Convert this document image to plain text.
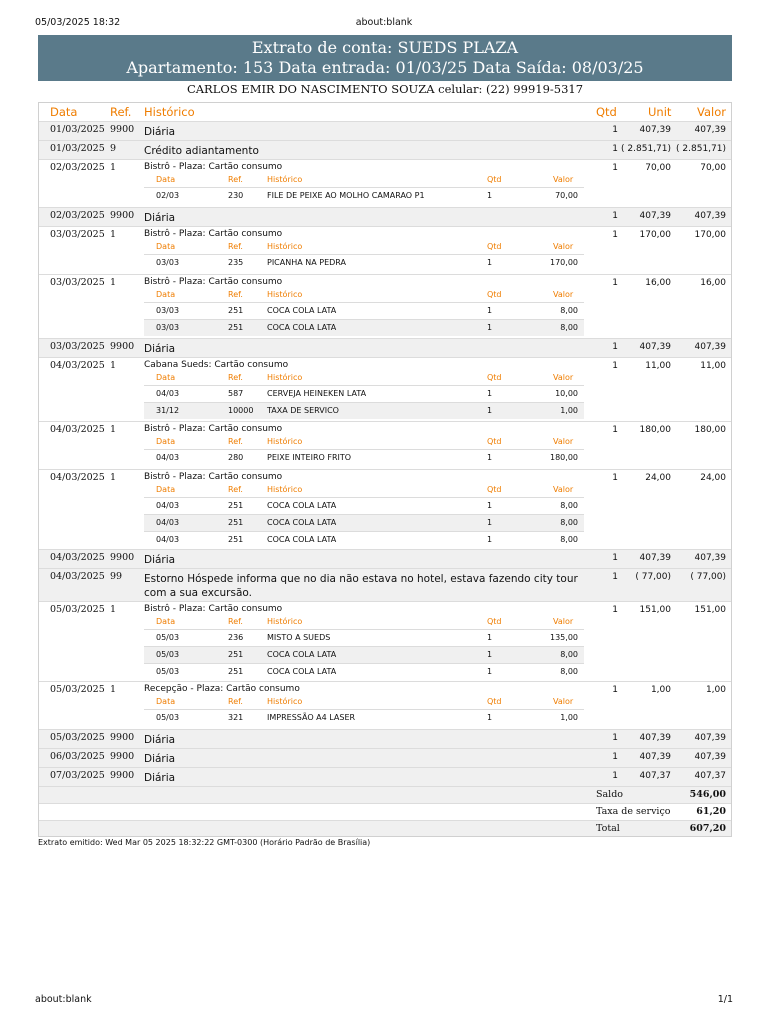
05/03/2025 18:32	about:blank
Extrato de conta: SUEDS PLAZA
Apartamento: 153 Data entrada: 01/03/25 Data Saída: 08/03/25
CARLOS EMIR DO NASCIMENTO SOUZA celular: (22) 99919-5317
Data	Ref. Histórico	Qtd	Unit Valor
01/03/2025 9900 Diária	1	407,39	407,39
01/03/2025 9	Crédito adiantamento	1 ( 2.851,71) ( 2.851,71)
02/03/2025 1	Bistrô - Plaza: Cartão consumo	1	70,00	70,00
Data	Ref.	Histórico	Qtd	Valor
02/03	230	FILE DE PEIXE AO MOLHO CAMARAO P1	1	70,00
02/03/2025 9900 Diária	1	407,39	407,39
03/03/2025 1	Bistrô - Plaza: Cartão consumo	1	170,00	170,00
Data	Ref.	Histórico	Qtd	Valor
03/03	235	PICANHA NA PEDRA	1	170,00
03/03/2025 1	Bistrô - Plaza: Cartão consumo	1	16,00	16,00
Data	Ref.	Histórico	Qtd	Valor
03/03	251	COCA COLA LATA	1	8,00
03/03	251	COCA COLA LATA	1	8,00
03/03/2025 9900 Diária	1	407,39	407,39
04/03/2025 1	Cabana Sueds: Cartão consumo	1	11,00	11,00
Data	Ref.	Histórico	Qtd	Valor
04/03	587	CERVEJA HEINEKEN LATA	1	10,00
31/12	10000 TAXA DE SERVICO	1	1,00
04/03/2025 1	Bistrô - Plaza: Cartão consumo	1	180,00	180,00
Data	Ref.	Histórico	Qtd	Valor
04/03	280	PEIXE INTEIRO FRITO	1	180,00
04/03/2025 1	Bistrô - Plaza: Cartão consumo	1	24,00	24,00
Data	Ref.	Histórico	Qtd	Valor
04/03	251	COCA COLA LATA	1	8,00
04/03	251	COCA COLA LATA	1	8,00
04/03	251	COCA COLA LATA	1	8,00
04/03/2025 9900 Diária	1	407,39	407,39
04/03/2025 99 Estorno Hóspede informa que no dia não estava no hotel, estava fazendo city tour com a sua excursão.
1	( 77,00)	( 77,00)
05/03/2025 1	Bistrô - Plaza: Cartão consumo	1	151,00	151,00
Data	Ref.	Histórico	Qtd	Valor
05/03	236	MISTO A SUEDS	1	135,00
05/03	251	COCA COLA LATA	1	8,00
05/03	251	COCA COLA LATA	1	8,00
05/03/2025 1	Recepção - Plaza: Cartão consumo	1	1,00	1,00
Data	Ref.	Histórico	Qtd	Valor
05/03	321	IMPRESSÃO A4 LASER	1	1,00
05/03/2025 9900 Diária	1	407,39	407,39
06/03/2025 9900 Diária	1	407,39	407,39
07/03/2025 9900 Diária	1	407,37	407,37
Saldo	546,00
Taxa de serviço	61,20
Total	607,20
Extrato emitido: Wed Mar 05 2025 18:32:22 GMT-0300 (Horário Padrão de Brasília)
about:blank	1/1
